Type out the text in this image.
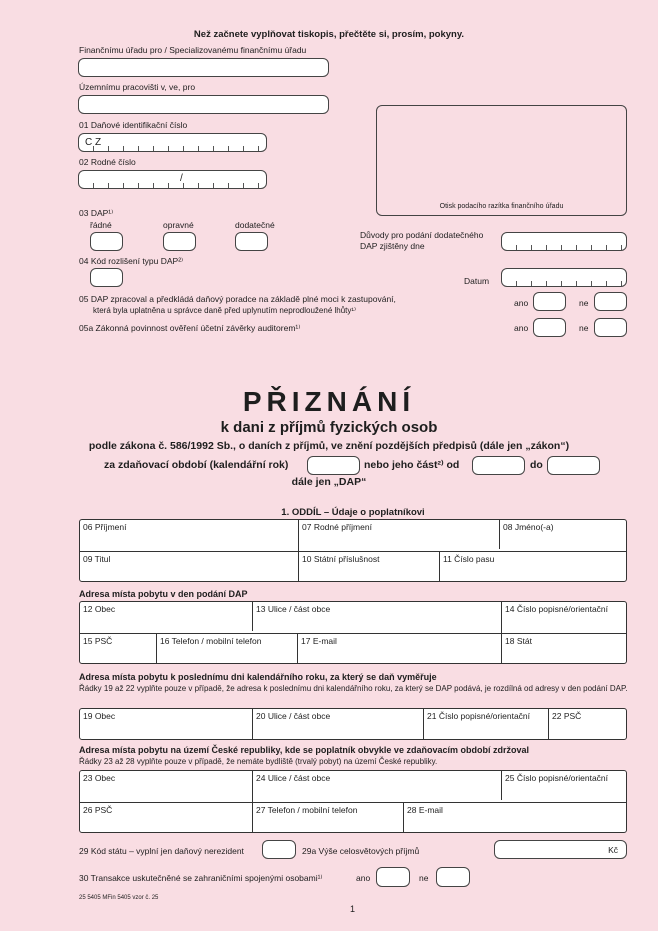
Než začnete vyplňovat tiskopis, přečtěte si, prosím, pokyny.
Finančnímu úřadu pro / Specializovanému finančnímu úřadu
Územnímu pracovišti v, ve, pro
01 Daňové identifikační číslo
C Z
02 Rodné číslo
/
Otisk podacího razítka finančního úřadu
03 DAP¹⁾
řádné	opravné	dodatečné
Důvody pro podání dodatečného
DAP zjištěny dne
04 Kód rozlišení typu DAP²⁾
Datum
05 DAP zpracoval a předkládá daňový poradce na základě plné moci k zastupování,
která byla uplatněna u správce daně před uplynutím neprodloužené lhůty¹⁾
ano	ne
05a Zákonná povinnost ověření účetní závěrky auditorem¹⁾	ano	ne
PŘIZNÁNÍ
k dani z příjmů fyzických osob
podle zákona č. 586/1992 Sb., o daních z příjmů, ve znění pozdějších předpisů (dále jen „zákon“)
za zdaňovací období (kalendářní rok)	nebo jeho část²⁾ od	do
dále jen „DAP“
1. ODDÍL – Údaje o poplatníkovi
06 Příjmení	07 Rodné příjmení	08 Jméno(-a)
09 Titul	10 Státní příslušnost	11 Číslo pasu
Adresa místa pobytu v den podání DAP
12 Obec	13 Ulice / část obce	14 Číslo popisné/orientační
15 PSČ	16 Telefon / mobilní telefon	17 E-mail	18 Stát
Adresa místa pobytu k poslednímu dni kalendářního roku, za který se daň vyměřuje
Řádky 19 až 22 vyplňte pouze v případě, že adresa k poslednímu dni kalendářního roku, za který se DAP podává, je rozdílná od adresy v den podání DAP.
19 Obec	20 Ulice / část obce	21 Číslo popisné/orientační	22 PSČ
Adresa místa pobytu na území České republiky, kde se poplatník obvykle ve zdaňovacím období zdržoval
Řádky 23 až 28 vyplňte pouze v případě, že nemáte bydliště (trvalý pobyt) na území České republiky.
23 Obec	24 Ulice / část obce	25 Číslo popisné/orientační
26 PSČ	27 Telefon / mobilní telefon	28 E-mail
29 Kód státu – vyplní jen daňový nerezident	29a Výše celosvětových příjmů	Kč
30 Transakce uskutečněné se zahraničními spojenými osobami¹⁾	ano	ne
25 5405 MFin 5405 vzor č. 25
1
